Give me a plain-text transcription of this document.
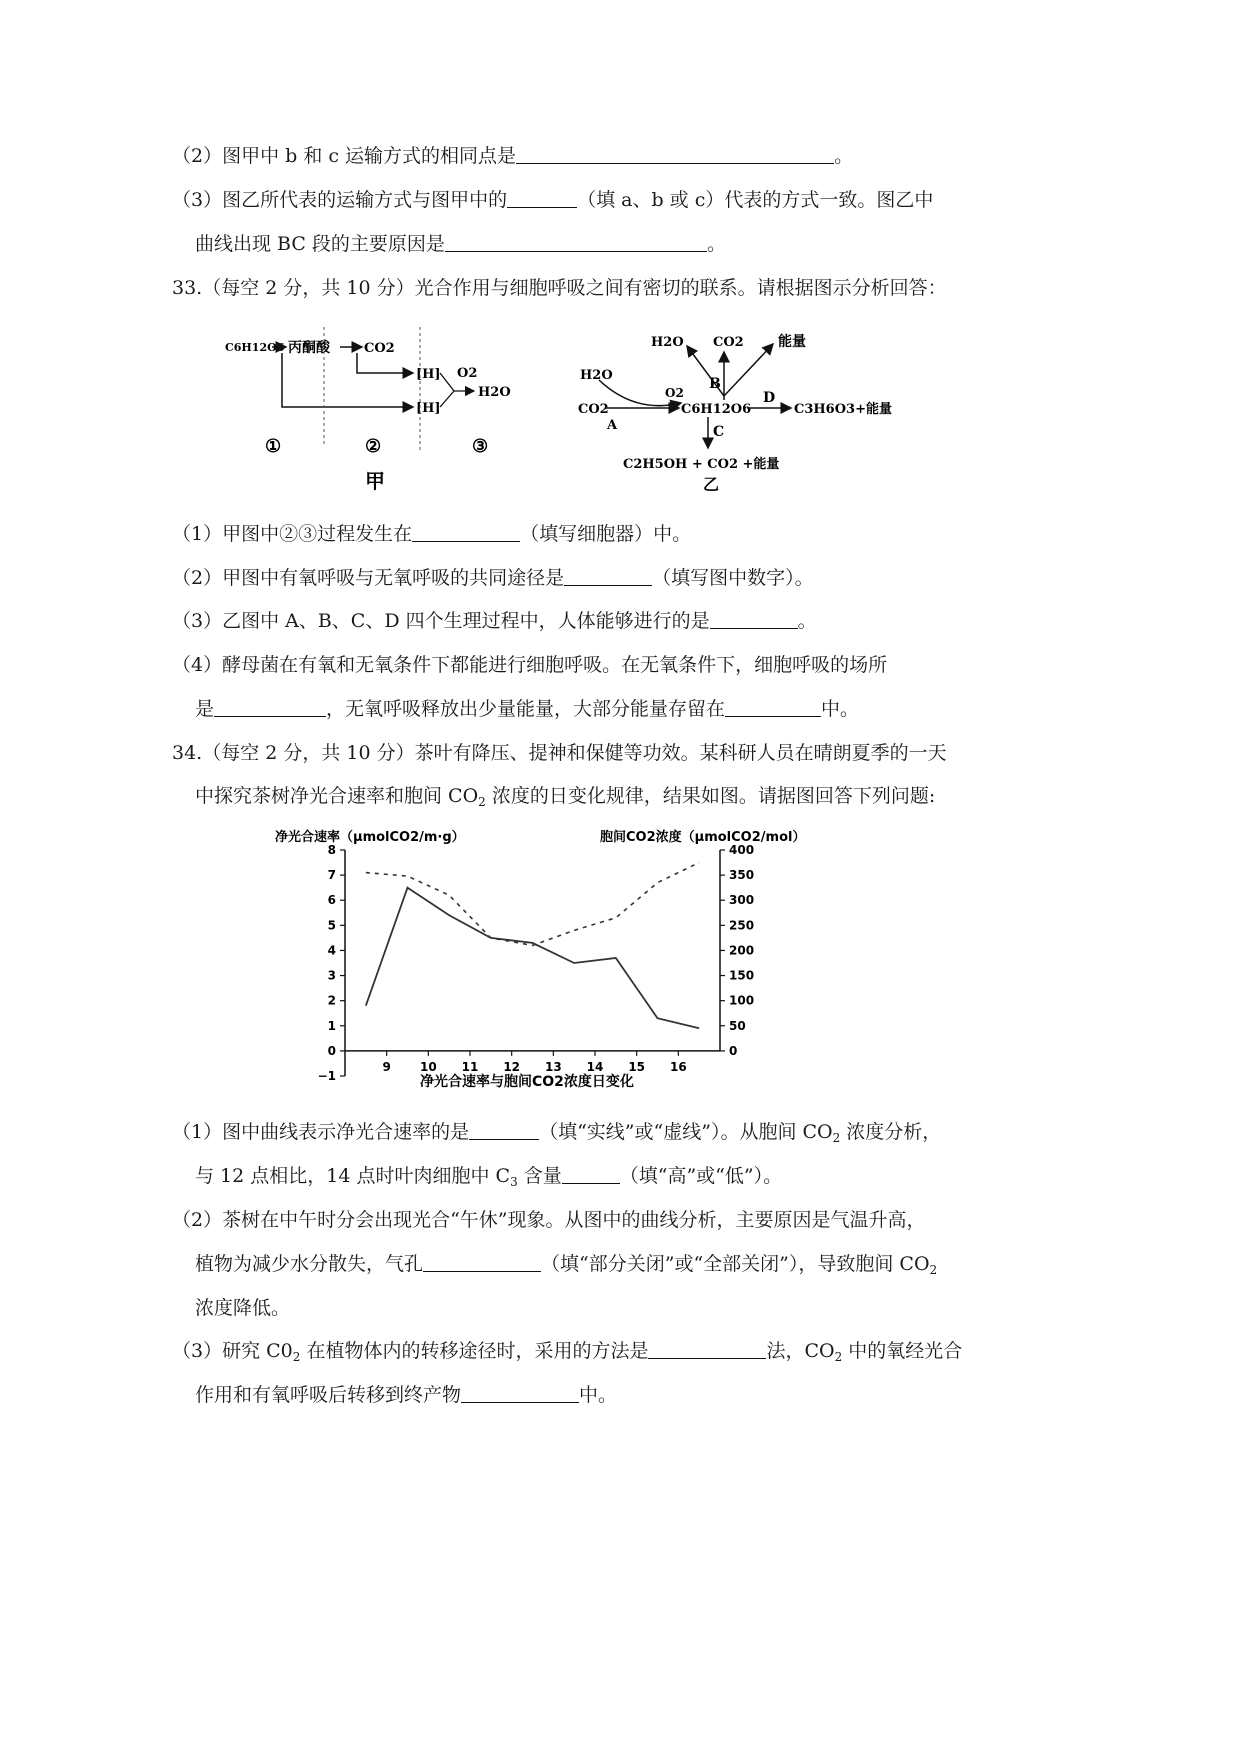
（2）图甲中 b 和 c 运输方式的相同点是	。
（3）图乙所代表的运输方式与图甲中的	（填 a、b 或 c）代表的方式一致。图乙中
曲线出现 BC 段的主要原因是	。
33.（每空 2 分，共 10 分）光合作用与细胞呼吸之间有密切的联系。请根据图示分析回答：
C6H12O6 丙酮酸	CO2
[H]
[H]
O2
H2O
①	②	③
甲
H2O CO2 能量
B
H2O
CO2
O2
A
C6H12O6
D
C3H6O3+能量
C
C2H5OH + CO2 +能量
乙
（1）甲图中②③过程发生在	（填写细胞器）中。
（2）甲图中有氧呼吸与无氧呼吸的共同途径是	（填写图中数字）。
（3）乙图中 A、B、C、D 四个生理过程中，人体能够进行的是	。
（4）酵母菌在有氧和无氧条件下都能进行细胞呼吸。在无氧条件下，细胞呼吸的场所
是	，无氧呼吸释放出少量能量，大部分能量存留在	中。
34.（每空 2 分，共 10 分）茶叶有降压、提神和保健等功效。某科研人员在晴朗夏季的一天
中探究茶树净光合速率和胞间 $CO_2$ 浓度的日变化规律，结果如图。请据图回答下列问题:
净光合速率（μmolCO2/m·g）	胞间CO2浓度（μmolCO2/mol）
−1
0
1
2
3
4
5
6
7
8
0
50
100
150
200
250
300
350
400
9 10 11 12 13 14 15 16
净光合速率与胞间CO2浓度日变化
（1）图中曲线表示净光合速率的是	（填“实线”或“虚线”）。从胞间 $CO_2$ 浓度分析，
与 12 点相比，14 点时叶肉细胞中 $C_3$ 含量	（填“高”或“低”）。
（2）茶树在中午时分会出现光合“午休”现象。从图中的曲线分析，主要原因是气温升高，
植物为减少水分散失，气孔	（填“部分关闭”或“全部关闭”），导致胞间 $CO_2$
浓度降低。
（3）研究 $C0_2$ 在植物体内的转移途径时，采用的方法是	法，$CO_2$ 中的氧经光合
作用和有氧呼吸后转移到终产物	中。
